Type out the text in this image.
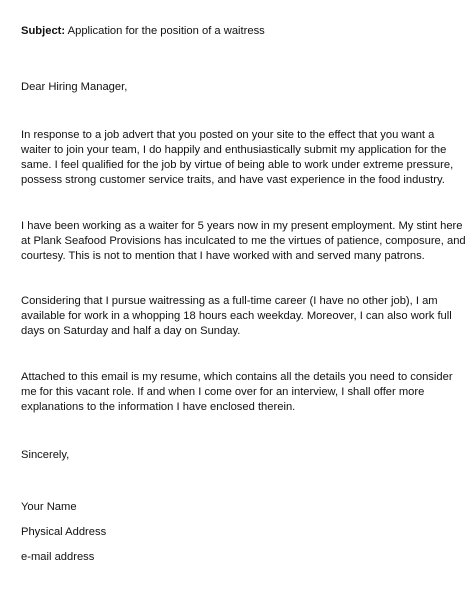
Subject: Application for the position of a waitress

Dear Hiring Manager,

In response to a job advert that you posted on your site to the effect that you want a
waiter to join your team, I do happily and enthusiastically submit my application for the
same. I feel qualified for the job by virtue of being able to work under extreme pressure,
possess strong customer service traits, and have vast experience in the food industry.

I have been working as a waiter for 5 years now in my present employment. My stint here
at Plank Seafood Provisions has inculcated to me the virtues of patience, composure, and
courtesy. This is not to mention that I have worked with and served many patrons.

Considering that I pursue waitressing as a full-time career (I have no other job), I am
available for work in a whopping 18 hours each weekday. Moreover, I can also work full
days on Saturday and half a day on Sunday.

Attached to this email is my resume, which contains all the details you need to consider
me for this vacant role. If and when I come over for an interview, I shall offer more
explanations to the information I have enclosed therein.

Sincerely,

Your Name

Physical Address

e-mail address
